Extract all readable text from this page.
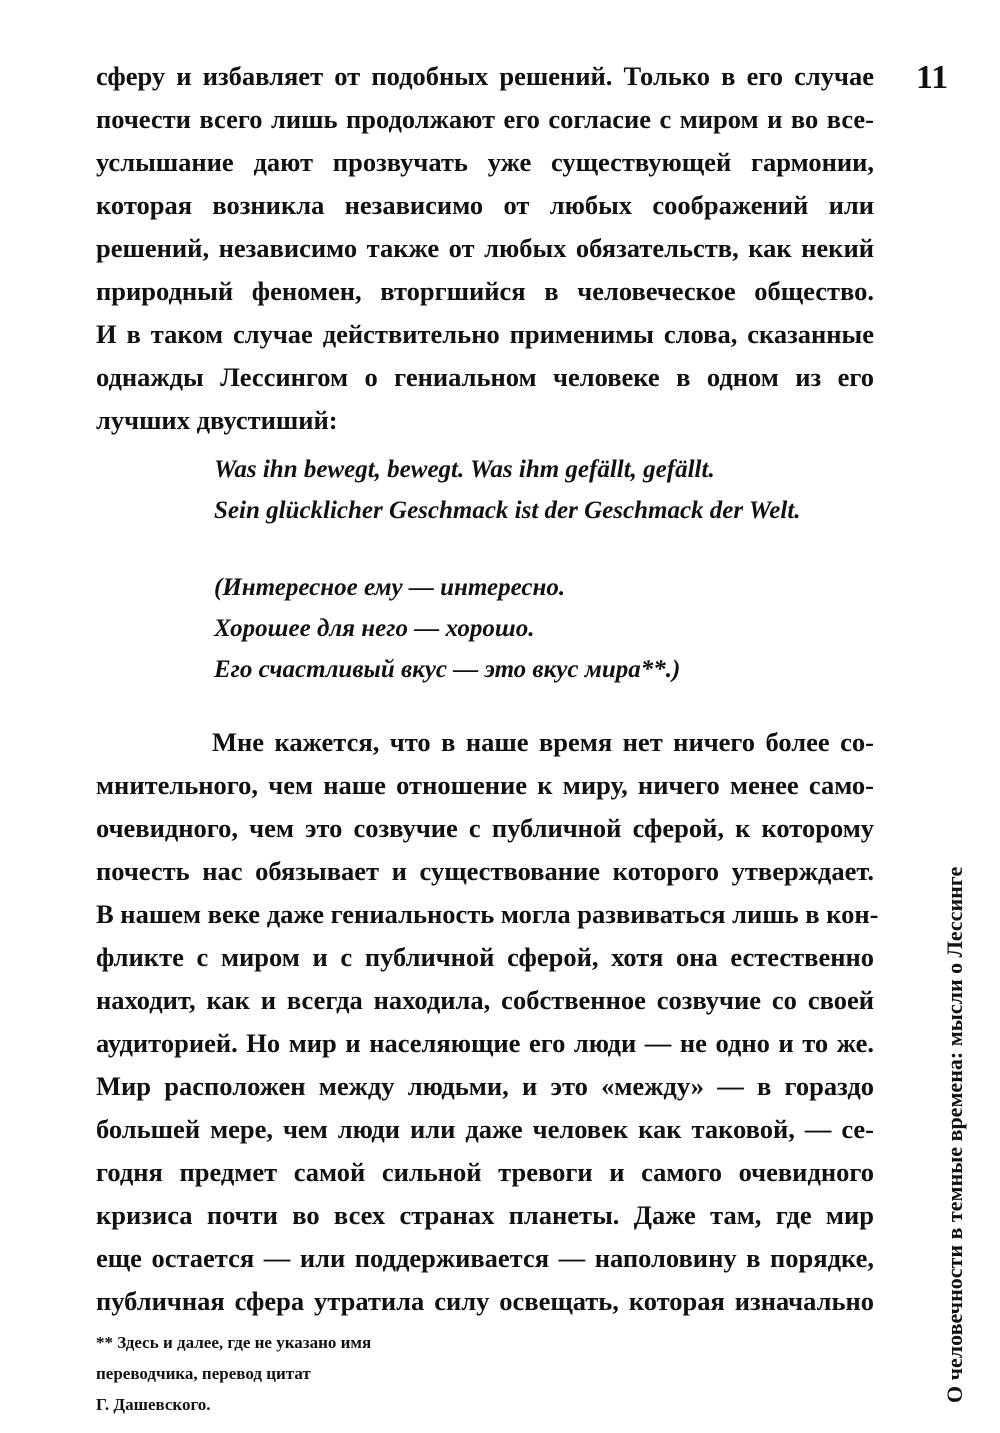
11
сферу и избавляет от подобных решений. Только в его случае
почести всего лишь продолжают его согласие с миром и во все-
услышание дают прозвучать уже существующей гармонии,
которая возникла независимо от любых соображений или
решений, независимо также от любых обязательств, как некий
природный феномен, вторгшийся в человеческое общество.
И в таком случае действительно применимы слова, сказанные
однажды Лессингом о гениальном человеке в одном из его
лучших двустиший:
Was ihn bewegt, bewegt. Was ihm gefällt, gefällt.
Sein glücklicher Geschmack ist der Geschmack der Welt.
(Интересное ему — интересно.
Хорошее для него — хорошо.
Его счастливый вкус — это вкус мира**.)
Мне кажется, что в наше время нет ничего более со-
мнительного, чем наше отношение к миру, ничего менее само-
очевидного, чем это созвучие с публичной сферой, к которому
почесть нас обязывает и существование которого утверждает.
В нашем веке даже гениальность могла развиваться лишь в кон-
фликте с миром и с публичной сферой, хотя она естественно
находит, как и всегда находила, собственное созвучие со своей
аудиторией. Но мир и населяющие его люди — не одно и то же.
Мир расположен между людьми, и это «между» — в гораздо
большей мере, чем люди или даже человек как таковой, — се-
годня предмет самой сильной тревоги и самого очевидного
кризиса почти во всех странах планеты. Даже там, где мир
еще остается — или поддерживается — наполовину в порядке,
публичная сфера утратила силу освещать, которая изначально
** Здесь и далее, где не указано имя
переводчика, перевод цитат
Г. Дашевского.
О человечности в темные времена: мысли о Лессинге
